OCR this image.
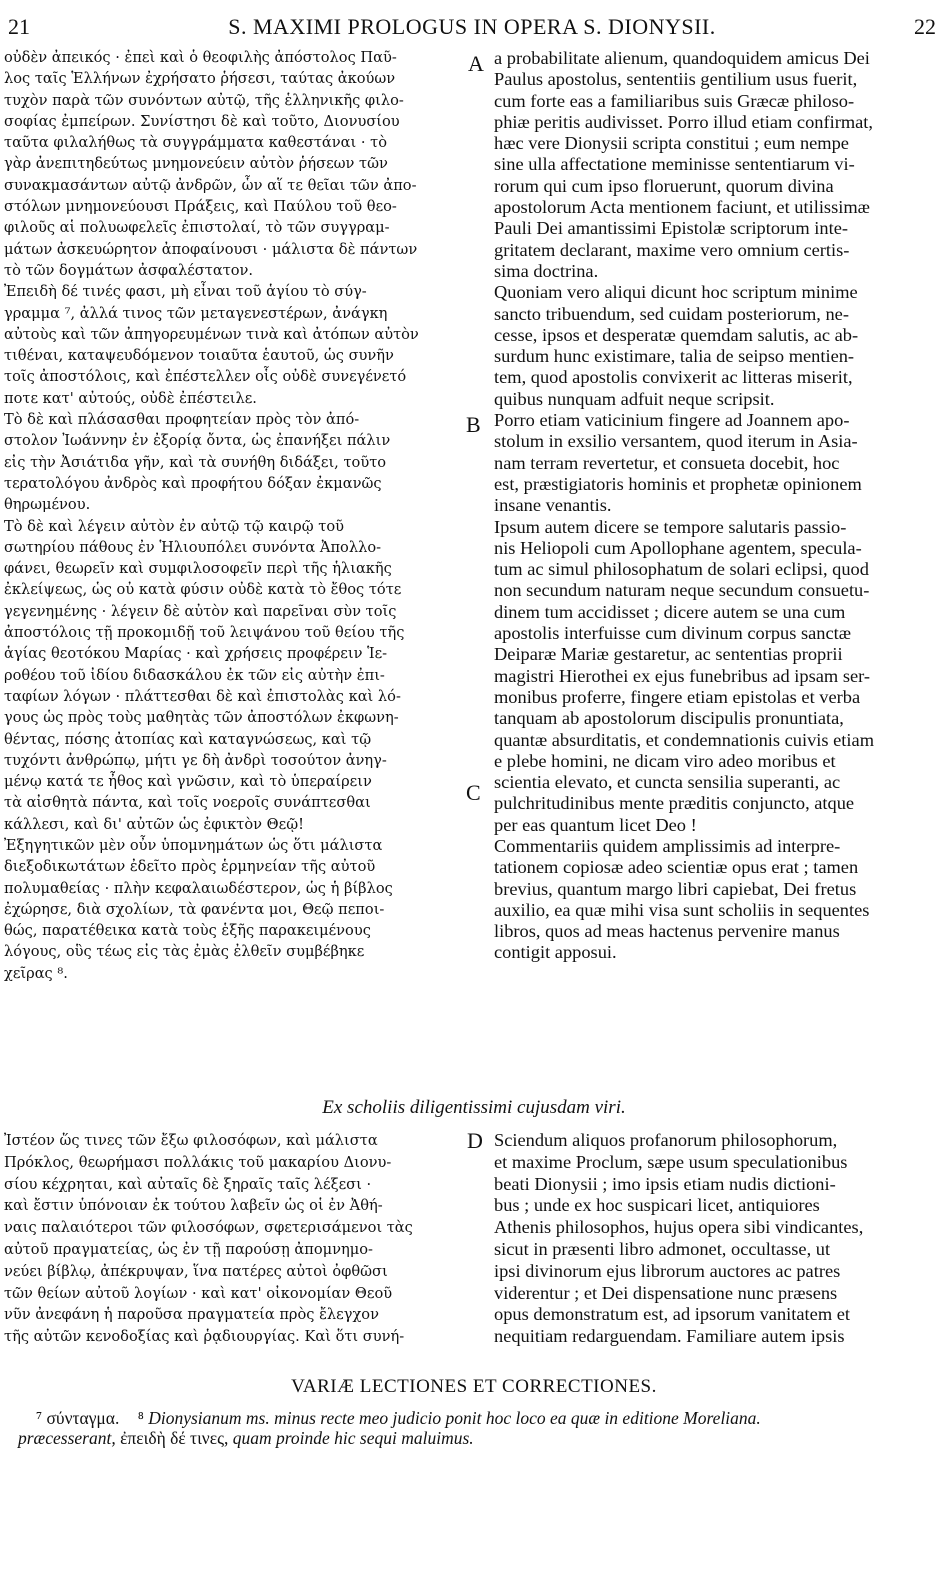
S. MAXIMI PROLOGUS IN OPERA S. DIONYSII.
21	22
οὐδὲν ἀπεικός · ἐπεὶ καὶ ὁ θεοφιλὴς ἀπόστολος Παῦ-
λος ταῖς Ἑλλήνων ἐχρήσατο ῥήσεσι, ταύτας ἀκούων
τυχὸν παρὰ τῶν συνόντων αὐτῷ, τῆς ἑλληνικῆς φιλο-
σοφίας ἐμπείρων. Συνίστησι δὲ καὶ τοῦτο, Διονυσίου
ταῦτα φιλαλήθως τὰ συγγράμματα καθεστάναι · τὸ
γὰρ ἀνεπιτηδεύτως μνημονεύειν αὐτὸν ῥήσεων τῶν
συνακμασάντων αὐτῷ ἀνδρῶν, ὧν αἵ τε θεῖαι τῶν ἀπο-
στόλων μνημονεύουσι Πράξεις, καὶ Παύλου τοῦ θεο-
φιλοῦς αἱ πολυωφελεῖς ἐπιστολαί, τὸ τῶν συγγραμ-
μάτων ἀσκευώρητον ἀποφαίνουσι · μάλιστα δὲ πάντων
τὸ τῶν δογμάτων ἀσφαλέστατον.
Ἐπειδὴ δέ τινές φασι, μὴ εἶναι τοῦ ἁγίου τὸ σύγ-
γραμμα ⁷, ἀλλά τινος τῶν μεταγενεστέρων, ἀνάγκη
αὐτοὺς καὶ τῶν ἀπηγορευμένων τινὰ καὶ ἀτόπων αὐτὸν
τιθέναι, καταψευδόμενον τοιαῦτα ἑαυτοῦ, ὡς συνῆν
τοῖς ἀποστόλοις, καὶ ἐπέστελλεν οἷς οὐδὲ συνεγένετό
ποτε κατ' αὐτούς, οὐδὲ ἐπέστειλε.
Τὸ δὲ καὶ πλάσασθαι προφητείαν πρὸς τὸν ἀπό-
στολον Ἰωάννην ἐν ἐξορίᾳ ὄντα, ὡς ἐπανήξει πάλιν
εἰς τὴν Ἀσιάτιδα γῆν, καὶ τὰ συνήθη διδάξει, τοῦτο
τερατολόγου ἀνδρὸς καὶ προφήτου δόξαν ἐκμανῶς
θηρωμένου.
Τὸ δὲ καὶ λέγειν αὐτὸν ἐν αὐτῷ τῷ καιρῷ τοῦ
σωτηρίου πάθους ἐν Ἡλιουπόλει συνόντα Ἀπολλο-
φάνει, θεωρεῖν καὶ συμφιλοσοφεῖν περὶ τῆς ἡλιακῆς
ἐκλείψεως, ὡς οὐ κατὰ φύσιν οὐδὲ κατὰ τὸ ἔθος τότε
γεγενημένης · λέγειν δὲ αὐτὸν καὶ παρεῖναι σὺν τοῖς
ἀποστόλοις τῇ προκομιδῇ τοῦ λειψάνου τοῦ θείου τῆς
ἁγίας θεοτόκου Μαρίας · καὶ χρήσεις προφέρειν Ἱε-
ροθέου τοῦ ἰδίου διδασκάλου ἐκ τῶν εἰς αὐτὴν ἐπι-
ταφίων λόγων · πλάττεσθαι δὲ καὶ ἐπιστολὰς καὶ λό-
γους ὡς πρὸς τοὺς μαθητὰς τῶν ἀποστόλων ἐκφωνη-
θέντας, πόσης ἀτοπίας καὶ καταγνώσεως, καὶ τῷ
τυχόντι ἀνθρώπῳ, μήτι γε δὴ ἀνδρὶ τοσούτον ἀνηγ-
μένῳ κατά τε ἦθος καὶ γνῶσιν, καὶ τὸ ὑπεραίρειν
τὰ αἰσθητὰ πάντα, καὶ τοῖς νοεροῖς συνάπτεσθαι
κάλλεσι, καὶ δι' αὐτῶν ὡς ἐφικτὸν Θεῷ!
Ἐξηγητικῶν μὲν οὖν ὑπομνημάτων ὡς ὅτι μάλιστα
διεξοδικωτάτων ἐδεῖτο πρὸς ἑρμηνείαν τῆς αὐτοῦ
πολυμαθείας · πλὴν κεφαλαιωδέστερον, ὡς ἡ βίβλος
ἐχώρησε, διὰ σχολίων, τὰ φανέντα μοι, Θεῷ πεποι-
θώς, παρατέθεικα κατὰ τοὺς ἑξῆς παρακειμένους
λόγους, οὓς τέως εἰς τὰς ἐμὰς ἐλθεῖν συμβέβηκε
χεῖρας ⁸.
a probabilitate alienum, quandoquidem amicus Dei
Paulus apostolus, sententiis gentilium usus fuerit,
cum forte eas a familiaribus suis Græcæ philoso-
phiæ peritis audivisset. Porro illud etiam confirmat,
hæc vere Dionysii scripta constitui ; eum nempe
sine ulla affectatione meminisse sententiarum vi-
rorum qui cum ipso floruerunt, quorum divina
apostolorum Acta mentionem faciunt, et utilissimæ
Pauli Dei amantissimi Epistolæ scriptorum inte-
gritatem declarant, maxime vero omnium certis-
sima doctrina.
Quoniam vero aliqui dicunt hoc scriptum minime
sancto tribuendum, sed cuidam posteriorum, ne-
cesse, ipsos et desperatæ quemdam salutis, ac ab-
surdum hunc existimare, talia de seipso mentien-
tem, quod apostolis convixerit ac litteras miserit,
quibus nunquam adfuit neque scripsit.
Porro etiam vaticinium fingere ad Joannem apo-
stolum in exsilio versantem, quod iterum in Asia-
nam terram revertetur, et consueta docebit, hoc
est, præstigiatoris hominis et prophetæ opinionem
insane venantis.
Ipsum autem dicere se tempore salutaris passio-
nis Heliopoli cum Apollophane agentem, specula-
tum ac simul philosophatum de solari eclipsi, quod
non secundum naturam neque secundum consuetu-
dinem tum accidisset ; dicere autem se una cum
apostolis interfuisse cum divinum corpus sanctæ
Deiparæ Mariæ gestaretur, ac sententias proprii
magistri Hierothei ex ejus funebribus ad ipsam ser-
monibus proferre, fingere etiam epistolas et verba
tanquam ab apostolorum discipulis pronuntiata,
quantæ absurditatis, et condemnationis cuivis etiam
e plebe homini, ne dicam viro adeo moribus et
scientia elevato, et cuncta sensilia superanti, ac
pulchritudinibus mente præditis conjuncto, atque
per eas quantum licet Deo !
Commentariis quidem amplissimis ad interpre-
tationem copiosæ adeo scientiæ opus erat ; tamen
brevius, quantum margo libri capiebat, Dei fretus
auxilio, ea quæ mihi visa sunt scholiis in sequentes
libros, quos ad meas hactenus pervenire manus
contigit apposui.
A
B
C
D
Ex scholiis diligentissimi cujusdam viri.
Ἰστέον ὥς τινες τῶν ἔξω φιλοσόφων, καὶ μάλιστα
Πρόκλος, θεωρήμασι πολλάκις τοῦ μακαρίου Διονυ-
σίου κέχρηται, καὶ αὐταῖς δὲ ξηραῖς ταῖς λέξεσι ·
καὶ ἔστιν ὑπόνοιαν ἐκ τούτου λαβεῖν ὡς οἱ ἐν Ἀθή-
ναις παλαιότεροι τῶν φιλοσόφων, σφετερισάμενοι τὰς
αὐτοῦ πραγματείας, ὡς ἐν τῇ παρούσῃ ἀπομνημο-
νεύει βίβλῳ, ἀπέκρυψαν, ἵνα πατέρες αὐτοὶ ὀφθῶσι
τῶν θείων αὐτοῦ λογίων · καὶ κατ' οἰκονομίαν Θεοῦ
νῦν ἀνεφάνη ἡ παροῦσα πραγματεία πρὸς ἔλεγχον
τῆς αὐτῶν κενοδοξίας καὶ ῥᾳδιουργίας. Καὶ ὅτι συνή-
Sciendum aliquos profanorum philosophorum,
et maxime Proclum, sæpe usum speculationibus
beati Dionysii ; imo ipsis etiam nudis dictioni-
bus ; unde ex hoc suspicari licet, antiquiores
Athenis philosophos, hujus opera sibi vindicantes,
sicut in præsenti libro admonet, occultasse, ut
ipsi divinorum ejus librorum auctores ac patres
viderentur ; et Dei dispensatione nunc præsens
opus demonstratum est, ad ipsorum vanitatem et
nequitiam redarguendam. Familiare autem ipsis
VARIÆ LECTIONES ET CORRECTIONES.
⁷ σύνταγμα. ⁸ Dionysianum ms. minus recte meo judicio ponit hoc loco ea quæ in editione Moreliana.
præcesserant, ἐπειδὴ δέ τινες, quam proinde hic sequi maluimus.
